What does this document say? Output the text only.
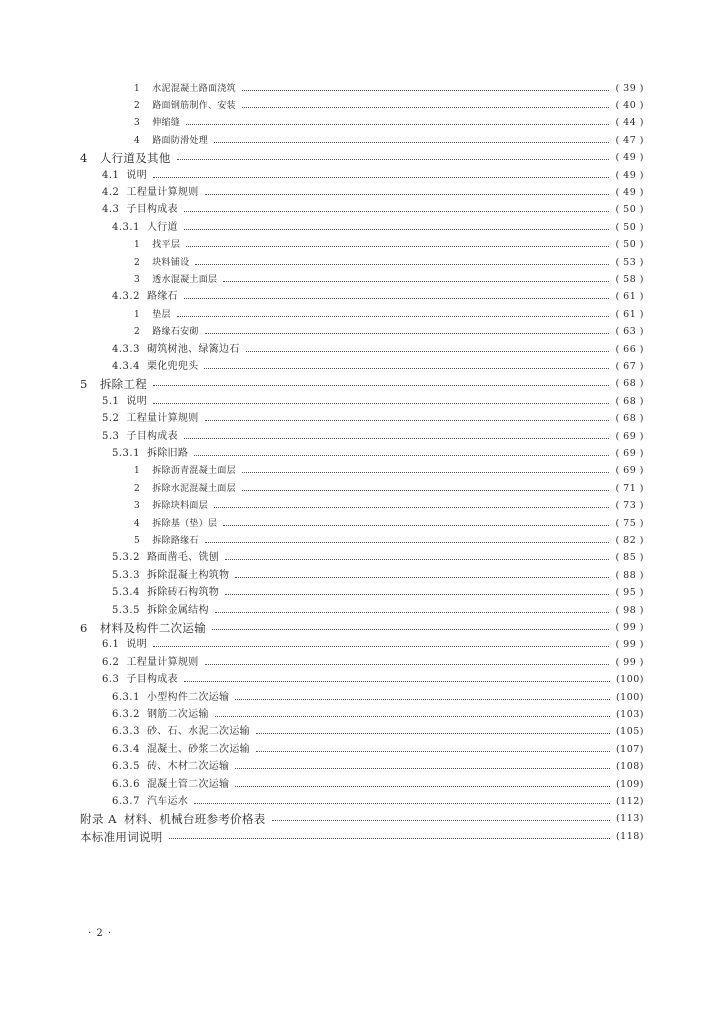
1 水泥混凝土路面浇筑	( 39 )
2 路面钢筋制作、安装	( 40 )
3 伸缩缝	( 44 )
4 路面防滑处理	( 47 )
4 人行道及其他	( 49 )
4.1 说明	( 49 )
4.2 工程量计算规则	( 49 )
4.3 子目构成表	( 50 )
4.3.1 人行道	( 50 )
1 找平层	( 50 )
2 块料铺设	( 53 )
3 透水混凝土面层	( 58 )
4.3.2 路缘石	( 61 )
1 垫层	( 61 )
2 路缘石安砌	( 63 )
4.3.3 砌筑树池、绿篱边石	( 66 )
4.3.4 栗化兜兜头	( 67 )
5 拆除工程	( 68 )
5.1 说明	( 68 )
5.2 工程量计算规则	( 68 )
5.3 子目构成表	( 69 )
5.3.1 拆除旧路	( 69 )
1 拆除沥青混凝土面层	( 69 )
2 拆除水泥混凝土面层	( 71 )
3 拆除块料面层	( 73 )
4 拆除基（垫）层	( 75 )
5 拆除路缘石	( 82 )
5.3.2 路面凿毛、铣刨	( 85 )
5.3.3 拆除混凝土构筑物	( 88 )
5.3.4 拆除砖石构筑物	( 95 )
5.3.5 拆除金属结构	( 98 )
6 材料及构件二次运输	( 99 )
6.1 说明	( 99 )
6.2 工程量计算规则	( 99 )
6.3 子目构成表	(100)
6.3.1 小型构件二次运输	(100)
6.3.2 钢筋二次运输	(103)
6.3.3 砂、石、水泥二次运输	(105)
6.3.4 混凝土、砂浆二次运输	(107)
6.3.5 砖、木材二次运输	(108)
6.3.6 混凝土管二次运输	(109)
6.3.7 汽车运水	(112)
附录 A 材料、机械台班参考价格表	(113)
本标准用词说明	(118)
· 2 ·
